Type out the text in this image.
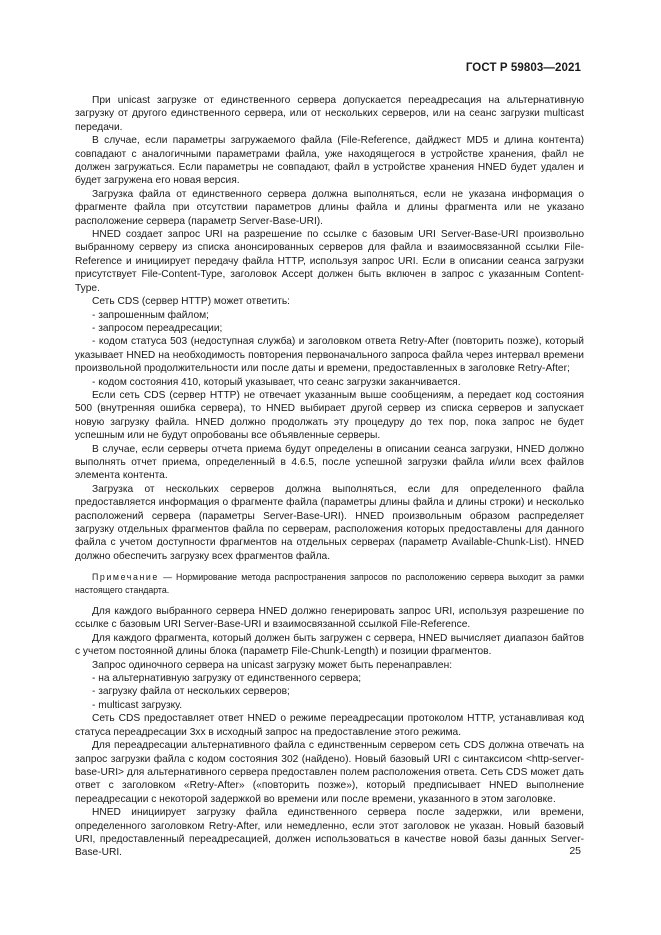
ГОСТ Р 59803—2021

При unicast загрузке от единственного сервера допускается переадресация на альтернативную загрузку от другого единственного сервера, или от нескольких серверов, или на сеанс загрузки multicast передачи.

В случае, если параметры загружаемого файла (File-Reference, дайджест MD5 и длина контента) совпадают с аналогичными параметрами файла, уже находящегося в устройстве хранения, файл не должен загружаться. Если параметры не совпадают, файл в устройстве хранения HNED будет удален и будет загружена его новая версия.

Загрузка файла от единственного сервера должна выполняться, если не указана информация о фрагменте файла при отсутствии параметров длины файла и длины фрагмента или не указано расположение сервера (параметр Server-Base-URI).

HNED создает запрос URI на разрешение по ссылке с базовым URI Server-Base-URI произвольно выбранному серверу из списка анонсированных серверов для файла и взаимосвязанной ссылки File-Reference и инициирует передачу файла HTTP, используя запрос URI. Если в описании сеанса загрузки присутствует File-Content-Type, заголовок Accept должен быть включен в запрос с указанным Content-Type.

Сеть CDS (сервер HTTP) может ответить:

- запрошенным файлом;

- запросом переадресации;

- кодом статуса 503 (недоступная служба) и заголовком ответа Retry-After (повторить позже), который указывает HNED на необходимость повторения первоначального запроса файла через интервал времени произвольной продолжительности или после даты и времени, предоставленных в заголовке Retry-After;

- кодом состояния 410, который указывает, что сеанс загрузки заканчивается.

Если сеть CDS (сервер HTTP) не отвечает указанным выше сообщениям, а передает код состояния 500 (внутренняя ошибка сервера), то HNED выбирает другой сервер из списка серверов и запускает новую загрузку файла. HNED должно продолжать эту процедуру до тех пор, пока запрос не будет успешным или не будут опробованы все объявленные серверы.

В случае, если серверы отчета приема будут определены в описании сеанса загрузки, HNED должно выполнять отчет приема, определенный в 4.6.5, после успешной загрузки файла и/или всех файлов элемента контента.

Загрузка от нескольких серверов должна выполняться, если для определенного файла предоставляется информация о фрагменте файла (параметры длины файла и длины строки) и несколько расположений сервера (параметры Server-Base-URI). HNED произвольным образом распределяет загрузку отдельных фрагментов файла по серверам, расположения которых предоставлены для данного файла с учетом доступности фрагментов на отдельных серверах (параметр Available-Chunk-List). HNED должно обеспечить загрузку всех фрагментов файла.

Примечание — Нормирование метода распространения запросов по расположению сервера выходит за рамки настоящего стандарта.

Для каждого выбранного сервера HNED должно генерировать запрос URI, используя разрешение по ссылке с базовым URI Server-Base-URI и взаимосвязанной ссылкой File-Reference.

Для каждого фрагмента, который должен быть загружен с сервера, HNED вычисляет диапазон байтов с учетом постоянной длины блока (параметр File-Chunk-Length) и позиции фрагментов.

Запрос одиночного сервера на unicast загрузку может быть перенаправлен:

- на альтернативную загрузку от единственного сервера;

- загрузку файла от нескольких серверов;

- multicast загрузку.

Сеть CDS предоставляет ответ HNED о режиме переадресации протоколом HTTP, устанавливая код статуса переадресации 3xx в исходный запрос на предоставление этого режима.

Для переадресации альтернативного файла с единственным сервером сеть CDS должна отвечать на запрос загрузки файла с кодом состояния 302 (найдено). Новый базовый URI с синтаксисом <http-server-base-URI> для альтернативного сервера предоставлен полем расположения ответа. Сеть CDS может дать ответ с заголовком «Retry-After» («повторить позже»), который предписывает HNED выполнение переадресации с некоторой задержкой во времени или после времени, указанного в этом заголовке.

HNED инициирует загрузку файла единственного сервера после задержки, или времени, определенного заголовком Retry-After, или немедленно, если этот заголовок не указан. Новый базовый URI, предоставленный переадресацией, должен использоваться в качестве новой базы данных Server-Base-URI.	25
